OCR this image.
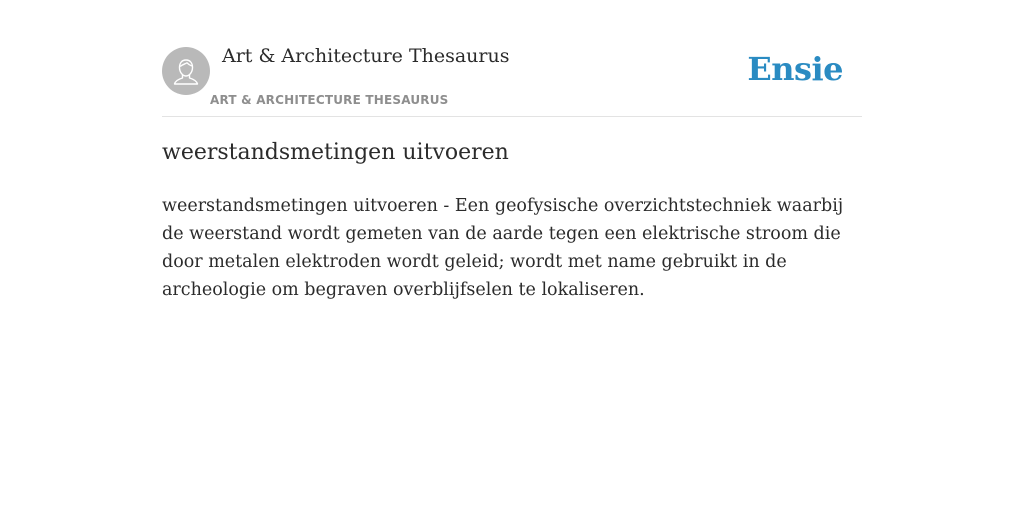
Art & Architecture Thesaurus
ART & ARCHITECTURE THESAURUS
Ensie
weerstandsmetingen uitvoeren

weerstandsmetingen uitvoeren - Een geofysische overzichtstechniek waarbij de weerstand wordt gemeten van de aarde tegen een elektrische stroom die door metalen elektroden wordt geleid; wordt met name gebruikt in de archeologie om begraven overblijfselen te lokaliseren.
